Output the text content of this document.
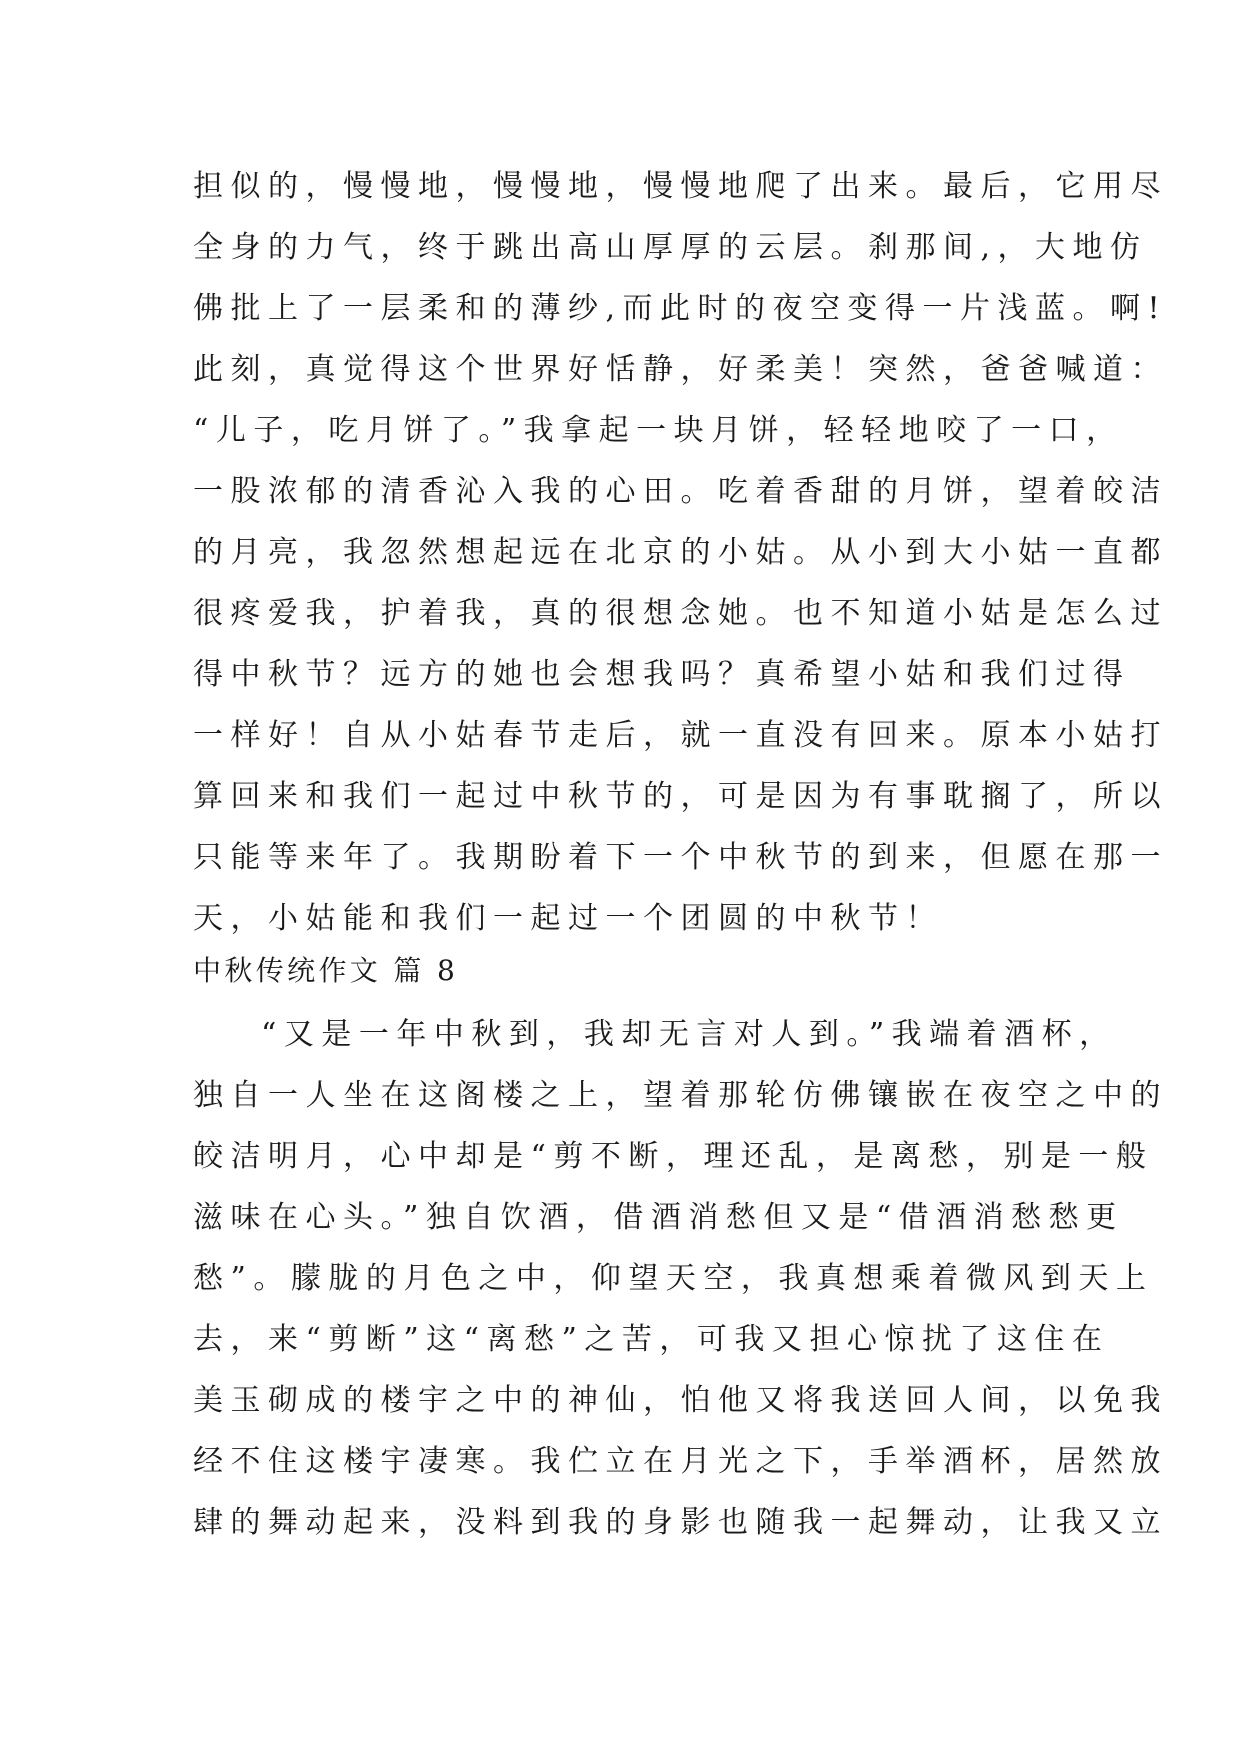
担似的，慢慢地，慢慢地，慢慢地爬了出来。最后，它用尽
全身的力气，终于跳出高山厚厚的云层。刹那间,，大地仿
佛批上了一层柔和的薄纱,而此时的夜空变得一片浅蓝。啊!
此刻，真觉得这个世界好恬静，好柔美！突然，爸爸喊道：
“儿子，吃月饼了。”我拿起一块月饼，轻轻地咬了一口，
一股浓郁的清香沁入我的心田。吃着香甜的月饼，望着皎洁
的月亮，我忽然想起远在北京的小姑。从小到大小姑一直都
很疼爱我，护着我，真的很想念她。也不知道小姑是怎么过
得中秋节？远方的她也会想我吗？真希望小姑和我们过得
一样好！自从小姑春节走后，就一直没有回来。原本小姑打
算回来和我们一起过中秋节的，可是因为有事耽搁了，所以
只能等来年了。我期盼着下一个中秋节的到来，但愿在那一
天，小姑能和我们一起过一个团圆的中秋节！
中秋传统作文 篇 8
“又是一年中秋到，我却无言对人到。”我端着酒杯，
独自一人坐在这阁楼之上，望着那轮仿佛镶嵌在夜空之中的
皎洁明月，心中却是“剪不断，理还乱，是离愁，别是一般
滋味在心头。”独自饮酒，借酒消愁但又是“借酒消愁愁更
愁”。朦胧的月色之中，仰望天空，我真想乘着微风到天上
去，来“剪断”这“离愁”之苦，可我又担心惊扰了这住在
美玉砌成的楼宇之中的神仙，怕他又将我送回人间，以免我
经不住这楼宇凄寒。我伫立在月光之下，手举酒杯，居然放
肆的舞动起来，没料到我的身影也随我一起舞动，让我又立
